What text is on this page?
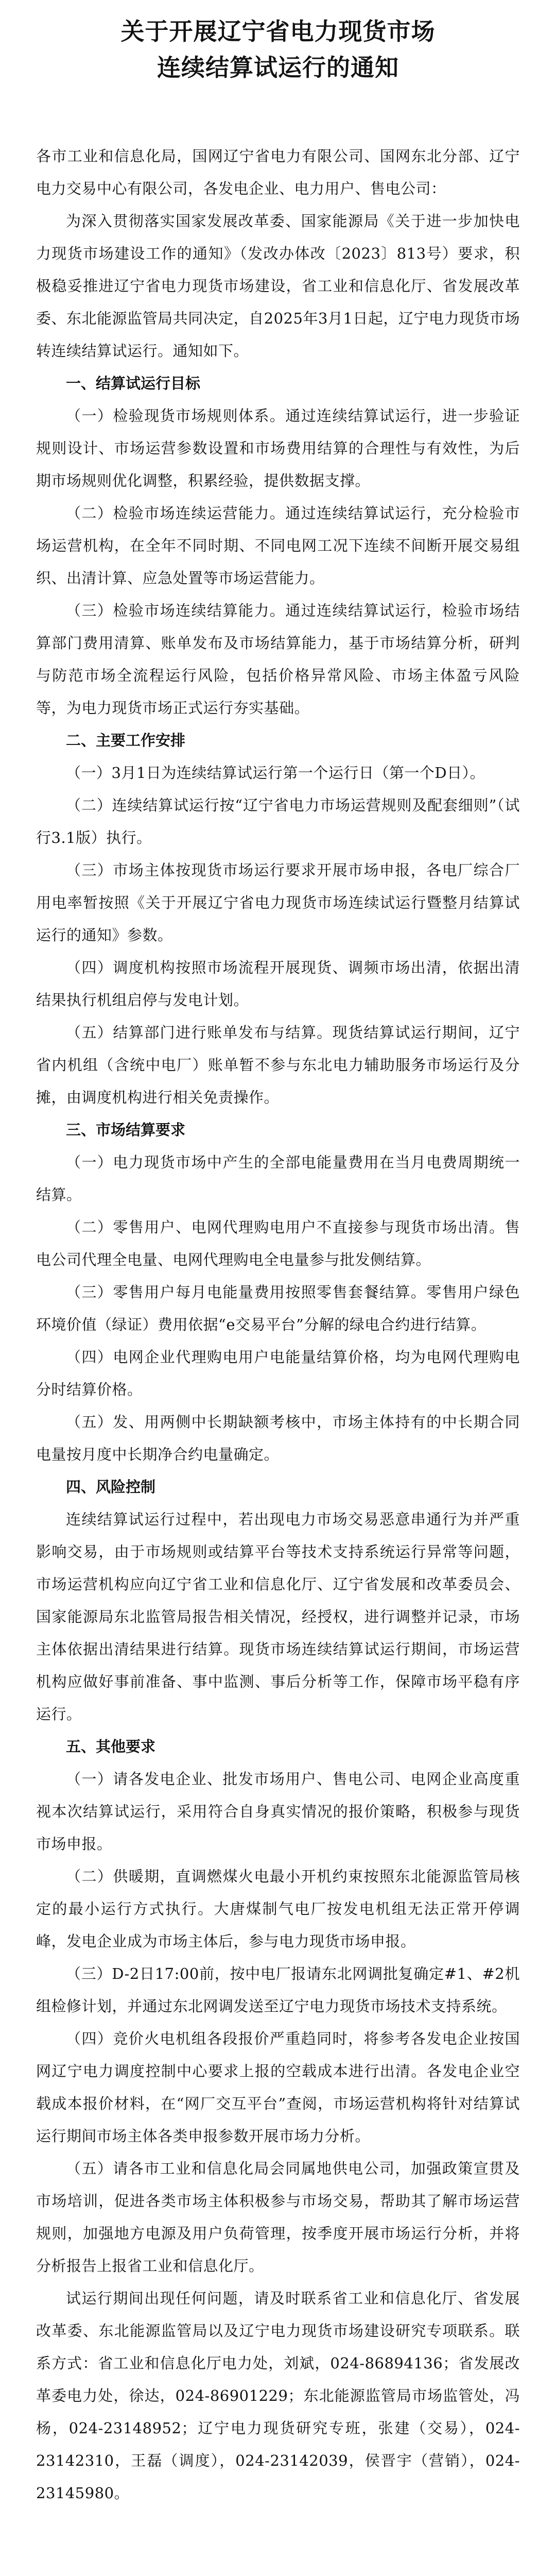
关于开展辽宁省电力现货市场

连续结算试运行的通知

各市工业和信息化局，国网辽宁省电力有限公司、国网东北分部、辽宁电力交易中心有限公司，各发电企业、电力用户、售电公司：

为深入贯彻落实国家发展改革委、国家能源局《关于进一步加快电力现货市场建设工作的通知》（发改办体改〔2023〕813号）要求，积极稳妥推进辽宁省电力现货市场建设，省工业和信息化厅、省发展改革委、东北能源监管局共同决定，自2025年3月1日起，辽宁电力现货市场转连续结算试运行。通知如下。

一、结算试运行目标

（一）检验现货市场规则体系。通过连续结算试运行，进一步验证规则设计、市场运营参数设置和市场费用结算的合理性与有效性，为后期市场规则优化调整，积累经验，提供数据支撑。

（二）检验市场连续运营能力。通过连续结算试运行，充分检验市场运营机构，在全年不同时期、不同电网工况下连续不间断开展交易组织、出清计算、应急处置等市场运营能力。

（三）检验市场连续结算能力。通过连续结算试运行，检验市场结算部门费用清算、账单发布及市场结算能力，基于市场结算分析，研判与防范市场全流程运行风险，包括价格异常风险、市场主体盈亏风险等，为电力现货市场正式运行夯实基础。

二、主要工作安排

（一）3月1日为连续结算试运行第一个运行日（第一个D日）。

（二）连续结算试运行按“辽宁省电力市场运营规则及配套细则”（试行3.1版）执行。

（三）市场主体按现货市场运行要求开展市场申报，各电厂综合厂用电率暂按照《关于开展辽宁省电力现货市场连续试运行暨整月结算试运行的通知》参数。

（四）调度机构按照市场流程开展现货、调频市场出清，依据出清结果执行机组启停与发电计划。

（五）结算部门进行账单发布与结算。现货结算试运行期间，辽宁省内机组（含统中电厂）账单暂不参与东北电力辅助服务市场运行及分摊，由调度机构进行相关免责操作。

三、市场结算要求

（一）电力现货市场中产生的全部电能量费用在当月电费周期统一结算。

（二）零售用户、电网代理购电用户不直接参与现货市场出清。售电公司代理全电量、电网代理购电全电量参与批发侧结算。

（三）零售用户每月电能量费用按照零售套餐结算。零售用户绿色环境价值（绿证）费用依据“e交易平台”分解的绿电合约进行结算。

（四）电网企业代理购电用户电能量结算价格，均为电网代理购电分时结算价格。

（五）发、用两侧中长期缺额考核中，市场主体持有的中长期合同电量按月度中长期净合约电量确定。

四、风险控制

连续结算试运行过程中，若出现电力市场交易恶意串通行为并严重影响交易，由于市场规则或结算平台等技术支持系统运行异常等问题，市场运营机构应向辽宁省工业和信息化厅、辽宁省发展和改革委员会、国家能源局东北监管局报告相关情况，经授权，进行调整并记录，市场主体依据出清结果进行结算。现货市场连续结算试运行期间，市场运营机构应做好事前准备、事中监测、事后分析等工作，保障市场平稳有序运行。

五、其他要求

（一）请各发电企业、批发市场用户、售电公司、电网企业高度重视本次结算试运行，采用符合自身真实情况的报价策略，积极参与现货市场申报。

（二）供暖期，直调燃煤火电最小开机约束按照东北能源监管局核定的最小运行方式执行。大唐煤制气电厂按发电机组无法正常开停调峰，发电企业成为市场主体后，参与电力现货市场申报。

（三）D-2日17:00前，按中电厂报请东北网调批复确定#1、#2机组检修计划，并通过东北网调发送至辽宁电力现货市场技术支持系统。

（四）竞价火电机组各段报价严重趋同时，将参考各发电企业按国网辽宁电力调度控制中心要求上报的空载成本进行出清。各发电企业空载成本报价材料，在“网厂交互平台”查阅，市场运营机构将针对结算试运行期间市场主体各类申报参数开展市场力分析。

（五）请各市工业和信息化局会同属地供电公司，加强政策宣贯及市场培训，促进各类市场主体积极参与市场交易，帮助其了解市场运营规则，加强地方电源及用户负荷管理，按季度开展市场运行分析，并将分析报告上报省工业和信息化厅。

试运行期间出现任何问题，请及时联系省工业和信息化厅、省发展改革委、东北能源监管局以及辽宁电力现货市场建设研究专项联系。联系方式：省工业和信息化厅电力处，刘斌，024-86894136；省发展改革委电力处，徐达，024-86901229；东北能源监管局市场监管处，冯杨，024-23148952；辽宁电力现货研究专班，张建（交易），024-23142310，王磊（调度），024-23142039，侯晋宇（营销），024-23145980。
